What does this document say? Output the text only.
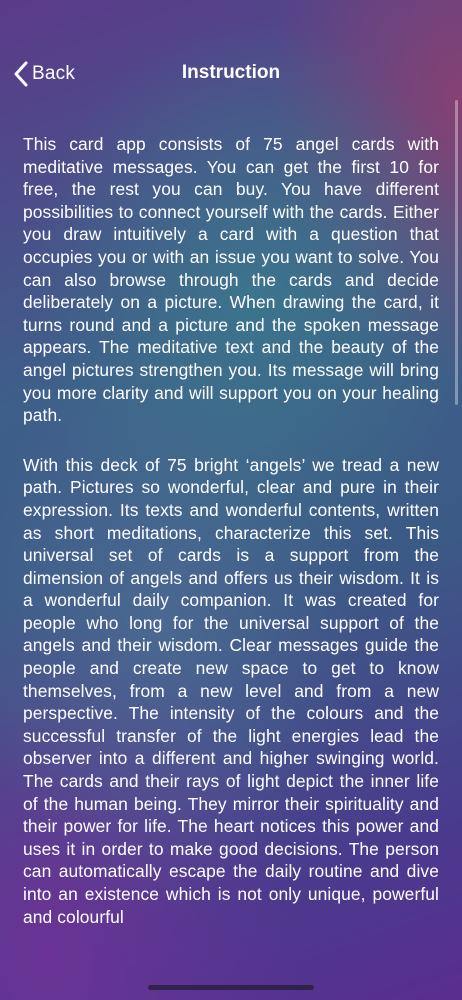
Back	Instruction

This card app consists of 75 angel cards with meditative messages. You can get the first 10 for free, the rest you can buy. You have different possibilities to connect yourself with the cards. Either you draw intuitively a card with a question that occupies you or with an issue you want to solve. You can also browse through the cards and decide deliberately on a picture. When drawing the card, it turns round and a picture and the spoken message appears. The meditative text and the beauty of the angel pictures strengthen you. Its message will bring you more clarity and will support you on your healing path.

With this deck of 75 bright ‘angels’ we tread a new path. Pictures so wonderful, clear and pure in their expression. Its texts and wonderful contents, written as short meditations, characterize this set. This universal set of cards is a support from the dimension of angels and offers us their wisdom. It is a wonderful daily companion. It was created for people who long for the universal support of the angels and their wisdom. Clear messages guide the people and create new space to get to know themselves, from a new level and from a new perspective. The intensity of the colours and the successful transfer of the light energies lead the observer into a different and higher swinging world. The cards and their rays of light depict the inner life of the human being. They mirror their spirituality and their power for life. The heart notices this power and uses it in order to make good decisions. The person can automatically escape the daily routine and dive into an existence which is not only unique, powerful and colourful
